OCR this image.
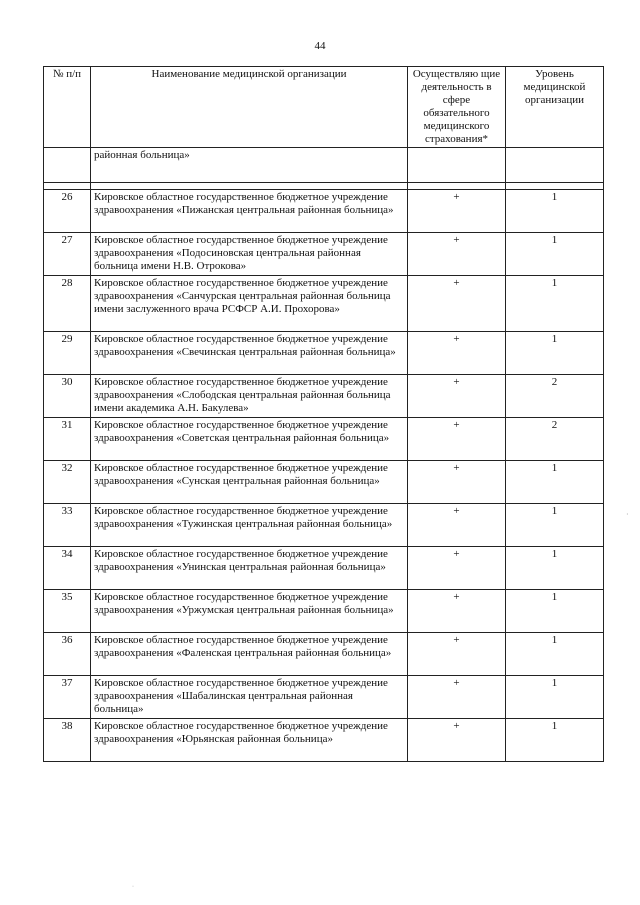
44
№ п/п	Наименование медицинской организации	Осуществляю щие деятельность в сфере обязательного медицинского страхования*	Уровень медицинской организации
	районная больница»		

26	Кировское областное государственное бюджетное учреждение здравоохранения «Пижанская центральная районная больница»	+	1
27	Кировское областное государственное бюджетное учреждение здравоохранения «Подосиновская центральная районная больница имени Н.В. Отрокова»	+	1
28	Кировское областное государственное бюджетное учреждение здравоохранения «Санчурская центральная районная больница имени заслуженного врача РСФСР А.И. Прохорова»	+	1
29	Кировское областное государственное бюджетное учреждение здравоохранения «Свечинская центральная районная больница»	+	1
30	Кировское областное государственное бюджетное учреждение здравоохранения «Слободская центральная районная больница имени академика А.Н. Бакулева»	+	2
31	Кировское областное государственное бюджетное учреждение здравоохранения «Советская центральная районная больница»	+	2
32	Кировское областное государственное бюджетное учреждение здравоохранения «Сунская центральная районная больница»	+	1
33	Кировское областное государственное бюджетное учреждение здравоохранения «Тужинская центральная районная больница»	+	1
34	Кировское областное государственное бюджетное учреждение здравоохранения «Унинская центральная районная больница»	+	1
35	Кировское областное государственное бюджетное учреждение здравоохранения «Уржумская центральная районная больница»	+	1
36	Кировское областное государственное бюджетное учреждение здравоохранения «Фаленская центральная районная больница»	+	1
37	Кировское областное государственное бюджетное учреждение здравоохранения «Шабалинская центральная районная больница»	+	1
38	Кировское областное государственное бюджетное учреждение здравоохранения «Юрьянская районная больница»	+	1
·
·
